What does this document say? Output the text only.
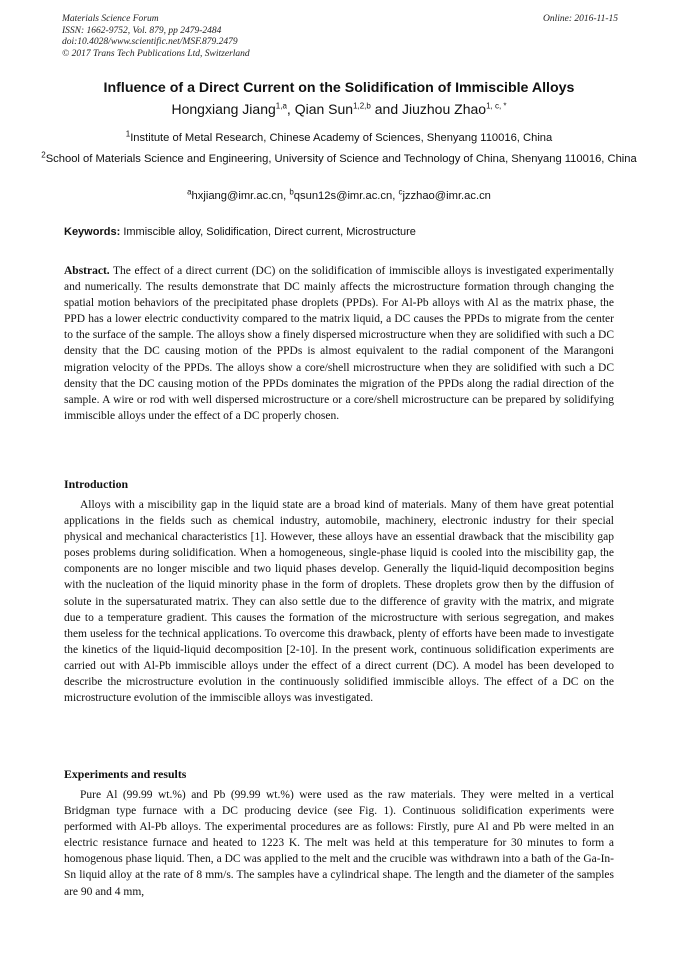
Materials Science Forum
ISSN: 1662-9752, Vol. 879, pp 2479-2484
doi:10.4028/www.scientific.net/MSF.879.2479
© 2017 Trans Tech Publications Ltd, Switzerland
Online: 2016-11-15
Influence of a Direct Current on the Solidification of Immiscible Alloys
Hongxiang Jiang$^{1,a}$, Qian Sun$^{1,2,b}$ and Jiuzhou Zhao$^{1, c, *}$
$^1$Institute of Metal Research, Chinese Academy of Sciences, Shenyang 110016, China
$^2$School of Materials Science and Engineering, University of Science and Technology of China, Shenyang 110016, China
$^a$hxjiang@imr.ac.cn, $^b$qsun12s@imr.ac.cn, $^c$jzzhao@imr.ac.cn
Keywords: Immiscible alloy, Solidification, Direct current, Microstructure

Abstract. The effect of a direct current (DC) on the solidification of immiscible alloys is investigated experimentally and numerically. The results demonstrate that DC mainly affects the microstructure formation through changing the spatial motion behaviors of the precipitated phase droplets (PPDs). For Al-Pb alloys with Al as the matrix phase, the PPD has a lower electric conductivity compared to the matrix liquid, a DC causes the PPDs to migrate from the center to the surface of the sample. The alloys show a finely dispersed microstructure when they are solidified with such a DC density that the DC causing motion of the PPDs is almost equivalent to the radial component of the Marangoni migration velocity of the PPDs. The alloys show a core/shell microstructure when they are solidified with such a DC density that the DC causing motion of the PPDs dominates the migration of the PPDs along the radial direction of the sample. A wire or rod with well dispersed microstructure or a core/shell microstructure can be prepared by solidifying immiscible alloys under the effect of a DC properly chosen.

Introduction

Alloys with a miscibility gap in the liquid state are a broad kind of materials. Many of them have great potential applications in the fields such as chemical industry, automobile, machinery, electronic industry for their special physical and mechanical characteristics [1]. However, these alloys have an essential drawback that the miscibility gap poses problems during solidification. When a homogeneous, single-phase liquid is cooled into the miscibility gap, the components are no longer miscible and two liquid phases develop. Generally the liquid-liquid decomposition begins with the nucleation of the liquid minority phase in the form of droplets. These droplets grow then by the diffusion of solute in the supersaturated matrix. They can also settle due to the difference of gravity with the matrix, and migrate due to a temperature gradient. This causes the formation of the microstructure with serious segregation, and makes them useless for the technical applications. To overcome this drawback, plenty of efforts have been made to investigate the kinetics of the liquid-liquid decomposition [2-10]. In the present work, continuous solidification experiments are carried out with Al-Pb immiscible alloys under the effect of a direct current (DC). A model has been developed to describe the microstructure evolution in the continuously solidified immiscible alloys. The effect of a DC on the microstructure evolution of the immiscible alloys was investigated.

Experiments and results

Pure Al (99.99 wt.%) and Pb (99.99 wt.%) were used as the raw materials. They were melted in a vertical Bridgman type furnace with a DC producing device (see Fig. 1). Continuous solidification experiments were performed with Al-Pb alloys. The experimental procedures are as follows: Firstly, pure Al and Pb were melted in an electric resistance furnace and heated to 1223 K. The melt was held at this temperature for 30 minutes to form a homogenous phase liquid. Then, a DC was applied to the melt and the crucible was withdrawn into a bath of the Ga-In-Sn liquid alloy at the rate of 8 mm/s. The samples have a cylindrical shape. The length and the diameter of the samples are 90 and 4 mm,
